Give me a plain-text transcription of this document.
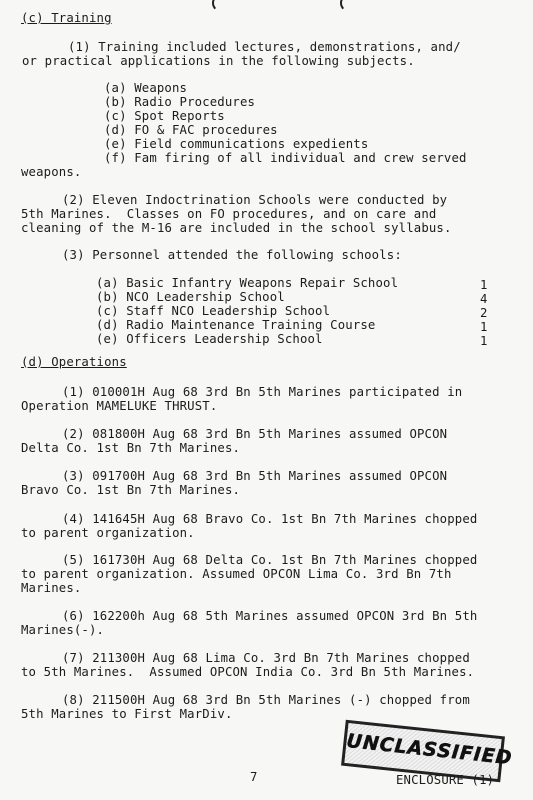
(c) Training
(1) Training included lectures, demonstrations, and/
or practical applications in the following subjects.
(a) Weapons
(b) Radio Procedures
(c) Spot Reports
(d) FO & FAC procedures
(e) Field communications expedients
(f) Fam firing of all individual and crew served
weapons.
(2) Eleven Indoctrination Schools were conducted by
5th Marines.  Classes on FO procedures, and on care and
cleaning of the M-16 are included in the school syllabus.
(3) Personnel attended the following schools:
(a) Basic Infantry Weapons Repair School	1
(b) NCO Leadership School	4
(c) Staff NCO Leadership School	2
(d) Radio Maintenance Training Course	1
(e) Officers Leadership School	1
(d) Operations
(1) 010001H Aug 68 3rd Bn 5th Marines participated in
Operation MAMELUKE THRUST.
(2) 081800H Aug 68 3rd Bn 5th Marines assumed OPCON
Delta Co. 1st Bn 7th Marines.
(3) 091700H Aug 68 3rd Bn 5th Marines assumed OPCON
Bravo Co. 1st Bn 7th Marines.
(4) 141645H Aug 68 Bravo Co. 1st Bn 7th Marines chopped
to parent organization.
(5) 161730H Aug 68 Delta Co. 1st Bn 7th Marines chopped
to parent organization. Assumed OPCON Lima Co. 3rd Bn 7th
Marines.
(6) 162200h Aug 68 5th Marines assumed OPCON 3rd Bn 5th
Marines(-).
(7) 211300H Aug 68 Lima Co. 3rd Bn 7th Marines chopped
to 5th Marines.  Assumed OPCON India Co. 3rd Bn 5th Marines.
(8) 211500H Aug 68 3rd Bn 5th Marines (-) chopped from
5th Marines to First MarDiv.
7
UNCLASSIFIED
ENCLOSURE (1)
